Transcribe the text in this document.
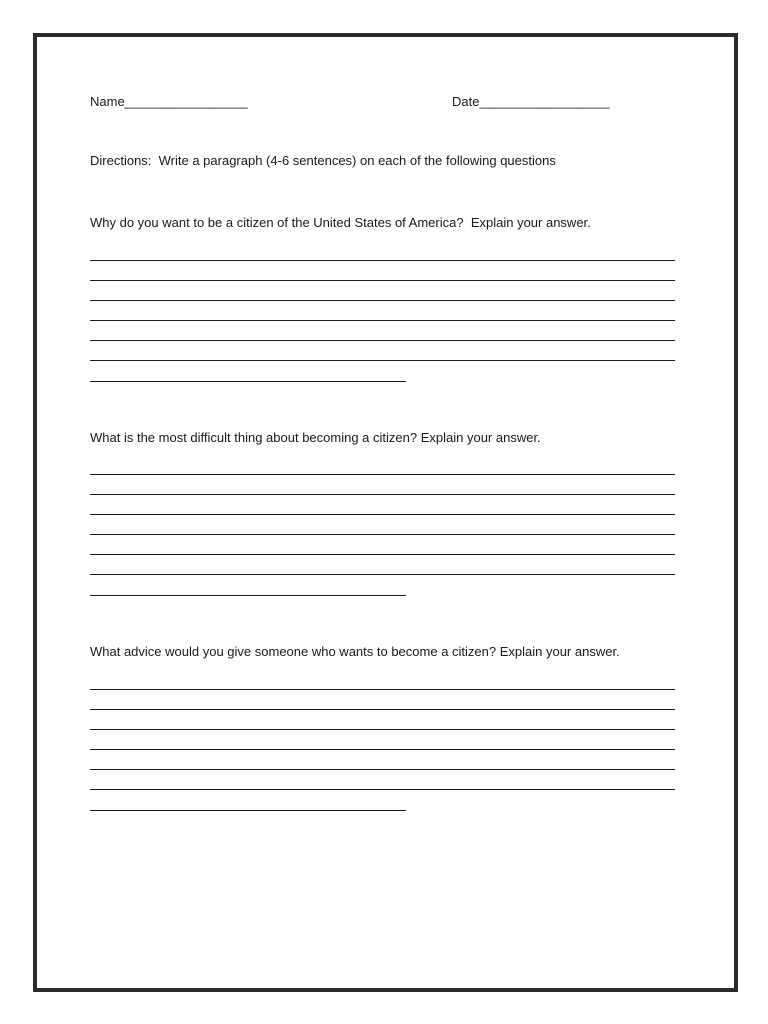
Name_________________	Date__________________
Directions:  Write a paragraph (4-6 sentences) on each of the following questions
Why do you want to be a citizen of the United States of America?  Explain your answer.
What is the most difficult thing about becoming a citizen? Explain your answer.
What advice would you give someone who wants to become a citizen? Explain your answer.
